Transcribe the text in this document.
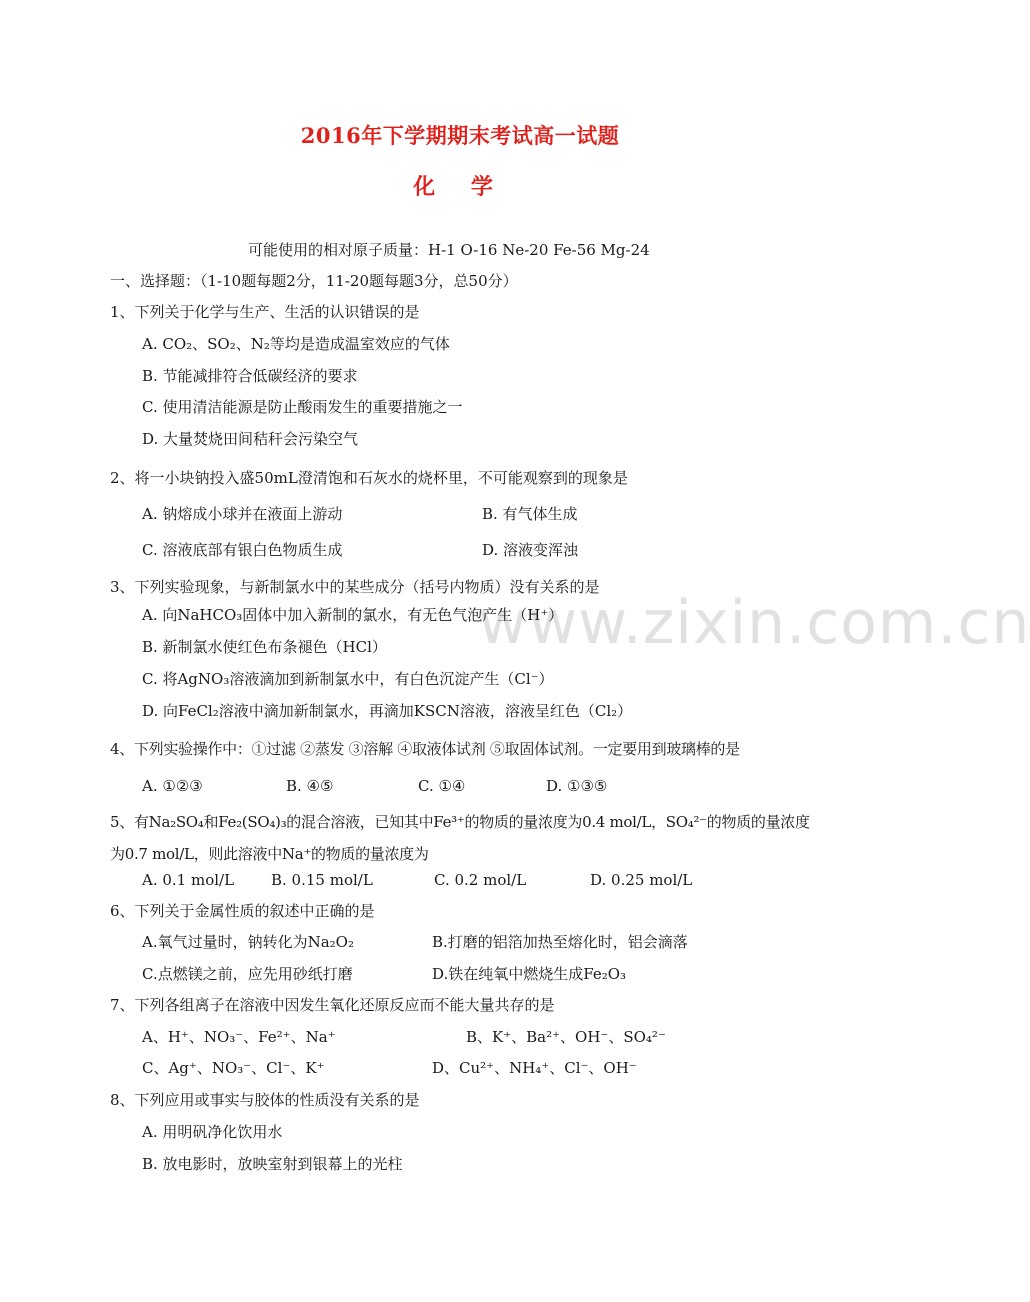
2016年下学期期末考试高一试题
化 学
www.zixin.com.cn
可能使用的相对原子质量：H-1 O-16 Ne-20 Fe-56 Mg-24
一、选择题：（1-10题每题2分，11-20题每题3分，总50分）
1、下列关于化学与生产、生活的认识错误的是
A. CO₂、SO₂、N₂等均是造成温室效应的气体
B. 节能减排符合低碳经济的要求
C. 使用清洁能源是防止酸雨发生的重要措施之一
D. 大量焚烧田间秸秆会污染空气
2、将一小块钠投入盛50mL澄清饱和石灰水的烧杯里，不可能观察到的现象是
A. 钠熔成小球并在液面上游动	B. 有气体生成
C. 溶液底部有银白色物质生成	D. 溶液变浑浊
3、下列实验现象，与新制氯水中的某些成分（括号内物质）没有关系的是
A. 向NaHCO₃固体中加入新制的氯水，有无色气泡产生（H⁺）
B. 新制氯水使红色布条褪色（HCl）
C. 将AgNO₃溶液滴加到新制氯水中，有白色沉淀产生（Cl⁻）
D. 向FeCl₂溶液中滴加新制氯水，再滴加KSCN溶液，溶液呈红色（Cl₂）
4、下列实验操作中：①过滤 ②蒸发 ③溶解 ④取液体试剂 ⑤取固体试剂。一定要用到玻璃棒的是
A. ①②③	B. ④⑤	C. ①④	D. ①③⑤
5、有Na₂SO₄和Fe₂(SO₄)₃的混合溶液，已知其中Fe³⁺的物质的量浓度为0.4 mol/L，SO₄²⁻的物质的量浓度为0.7 mol/L，则此溶液中Na⁺的物质的量浓度为
A. 0.1 mol/L B. 0.15 mol/L	C. 0.2 mol/L	D. 0.25 mol/L
6、下列关于金属性质的叙述中正确的是
A.氧气过量时，钠转化为Na₂O₂	B.打磨的铝箔加热至熔化时，铝会滴落
C.点燃镁之前，应先用砂纸打磨	D.铁在纯氧中燃烧生成Fe₂O₃
7、下列各组离子在溶液中因发生氧化还原反应而不能大量共存的是
A、H⁺、NO₃⁻、Fe²⁺、Na⁺	B、K⁺、Ba²⁺、OH⁻、SO₄²⁻
C、Ag⁺、NO₃⁻、Cl⁻、K⁺	D、Cu²⁺、NH₄⁺、Cl⁻、OH⁻
8、下列应用或事实与胶体的性质没有关系的是
A. 用明矾净化饮用水
B. 放电影时，放映室射到银幕上的光柱
